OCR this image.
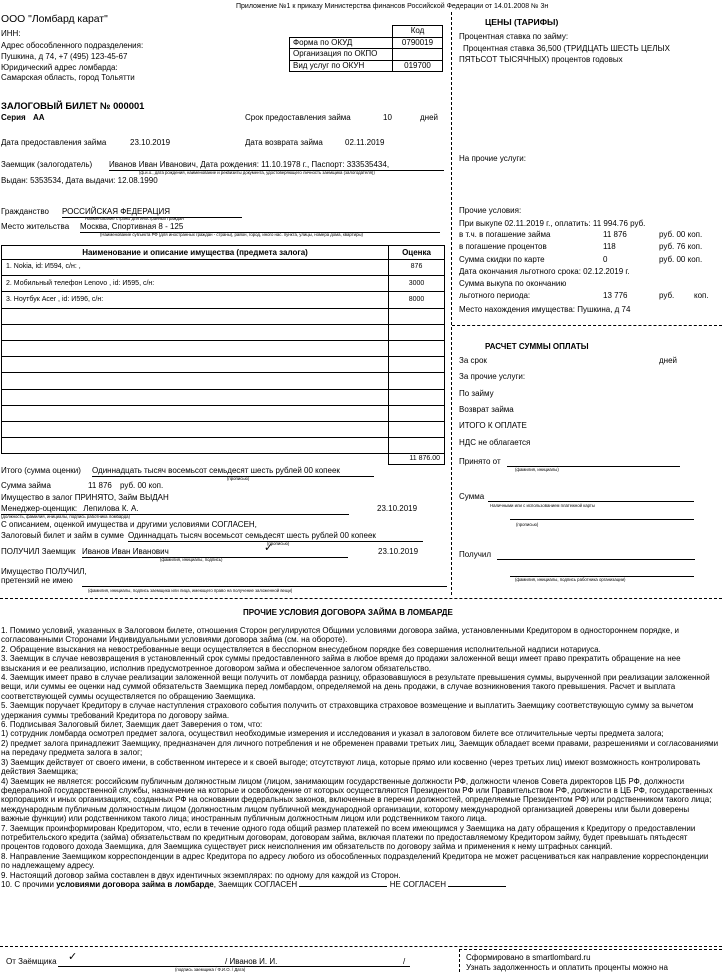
Приложение №1 к приказу Министерства финансов Российской Федерации от 14.01.2008 № 3н
ООО "Ломбард карат"
ИНН:
Адрес обособленного подразделения:
Пушкина, д 74, +7 (495) 123-45-67
Юридический адрес ломбарда:
Самарская область, город Тольятти
	Код
Форма по ОКУД	0790019
Организация по ОКПО	
Вид услуг по ОКУН	019700
ЗАЛОГОВЫЙ БИЛЕТ № 000001
Серия АА	Срок предоставления займа	10	дней
Дата предоставления займа	23.10.2019	Дата возврата займа	02.11.2019
Заемщик (залогодатель) Иванов Иван Иванович, Дата рождения: 11.10.1978 г., Паспорт: 333535434,
(ф.и.о., дата рождения, наименование и реквизиты документа, удостоверяющего личность заемщика (залогодателя))
Выдан: 5353534, Дата выдачи: 12.08.1990
Гражданство РОССИЙСКАЯ ФЕДЕРАЦИЯ
Наименование страны для иностранных граждан
Место жительства Москва, Спортивная 8 - 125
(Наименование субъекта РФ (для иностранных граждан - страны), район, город, иного нас. пункта, улицы, номера дома, квартиры)
Наименование и описание имущества (предмета залога)	Оценка
1. Nokia, id: И594, с/н: ,	876
2. Мобильный телефон Lenovo , id: И595, с/н:	3000
3. Ноутбук Acer , id: И596, с/н:	8000

	11 876.00
Итого (сумма оценки) Одиннадцать тысяч восемьсот семьдесят шесть рублей 00 копеек
(прописью)
Сумма займа	11 876 руб. 00 коп.
Имущество в залог ПРИНЯТО, Займ ВЫДАН
Менеджер-оценщик: Лепилова К. А.	23.10.2019
(должность, фамилия, инициалы, подпись работника ломбарда)
С описанием, оценкой имущества и другими условиями СОГЛАСЕН,
Залоговый билет и займ в сумме Одиннадцать тысяч восемьсот семьдесят шесть рублей 00 копеек
(прописью)
ПОЛУЧИЛ Заемщик Иванов Иван Иванович	✓	23.10.2019
(фамилия, инициалы, подпись)
Имущество ПОЛУЧИЛ,
претензий не имею
(фамилия, инициалы, подпись заемщика или лица, имеющего право на получение заложенной вещи)
ЦЕНЫ (ТАРИФЫ)
Процентная ставка по займу:
Процентная ставка 36,500 (ТРИДЦАТЬ ШЕСТЬ ЦЕЛЫХ
ПЯТЬСОТ ТЫСЯЧНЫХ) процентов годовых
На прочие услуги:
Прочие условия:
При выкупе 02.11.2019 г., оплатить: 11 994.76 руб.
в т.ч. в погашение займа	11 876	руб. 00 коп.
в погашение процентов	118	руб. 76 коп.
Сумма скидки по карте	0	руб. 00 коп.
Дата окончания льготного срока: 02.12.2019 г.
Сумма выкупа по окончанию
льготного периода:	13 776	руб. коп.
Место нахождения имущества: Пушкина, д 74
РАСЧЕТ СУММЫ ОПЛАТЫ
За срок	дней
За прочие услуги:
По займу
Возврат займа
ИТОГО К ОПЛАТЕ
НДС не облагается
Принято от
(фамилия, инициалы)
Сумма
Наличными или с использованием платежной карты
(прописью)
Получил
(фамилия, инициалы, подпись работника организации)
ПРОЧИЕ УСЛОВИЯ ДОГОВОРА ЗАЙМА В ЛОМБАРДЕ

1. Помимо условий, указанных в Залоговом билете, отношения Сторон регулируются Общими условиями договора займа, установленными Кредитором в одностороннем порядке, и согласованными Сторонами Индивидуальными условиями договора займа (см. на обороте).

2. Обращение взыскания на невостребованные вещи осуществляется в бесспорном внесудебном порядке без совершения исполнительной надписи нотариуса.

3. Заемщик в случае невозвращения в установленный срок суммы предоставленного займа в любое время до продажи заложенной вещи имеет право прекратить обращение на нее взыскания и ее реализацию, исполнив предусмотренное договором займа и обеспеченное залогом обязательство.

4. Заемщик имеет право в случае реализации заложенной вещи получить от ломбарда разницу, образовавшуюся в результате превышения суммы, вырученной при реализации заложенной вещи, или суммы ее оценки над суммой обязательств Заемщика перед ломбардом, определяемой на день продажи, в случае возникновения такого превышения. Расчет и выплата соответствующей суммы осуществляется по обращению Заемщика.

5. Заемщик поручает Кредитору в случае наступления страхового события получить от страховщика страховое возмещение и выплатить Заемщику соответствующую сумму за вычетом удержания суммы требований Кредитора по договору займа.

6. Подписывая Залоговый билет, Заемщик дает Заверения о том, что:

1) сотрудник ломбарда осмотрел предмет залога, осуществил необходимые измерения и исследования и указал в залоговом билете все отличительные черты предмета залога;

2) предмет залога принадлежит Заемщику, предназначен для личного потребления и не обременен правами третьих лиц, Заемщик обладает всеми правами, разрешениями и согласованиями на передачу предмета залога в залог;

3) Заемщик действует от своего имени, в собственном интересе и к своей выгоде; отсутствуют лица, которые прямо или косвенно (через третьих лиц) имеют возможность контролировать действия Заемщика;

4) Заемщик не является: российским публичным должностным лицом (лицом, занимающим государственные должности РФ, должности членов Совета директоров ЦБ РФ, должности федеральной государственной службы, назначение на которые и освобождение от которых осуществляются Президентом РФ или Правительством РФ, должности в ЦБ РФ, государственных корпорациях и иных организациях, созданных РФ на основании федеральных законов, включенные в перечни должностей, определяемые Президентом РФ) или родственником такого лица; международным публичным должностным лицом (должностным лицом публичной международной организации, которому международной организацией доверены или были доверены важные функции) или родственником такого лица; иностранным публичным должностным лицом или родственником такого лица.

7. Заемщик проинформирован Кредитором, что, если в течение одного года общий размер платежей по всем имеющимся у Заемщика на дату обращения к Кредитору о предоставлении потребительского кредита (займа) обязательствам по кредитным договорам, договорам займа, включая платежи по предоставляемому Кредитором займу, будет превышать пятьдесят процентов годового дохода Заемщика, для Заемщика существует риск неисполнения им обязательств по договору займа и применения к нему штрафных санкций.

8. Направление Заемщиком корреспонденции в адрес Кредитора по адресу любого из обособленных подразделений Кредитора не может расцениваться как направление корреспонденции по надлежащему адресу.

9. Настоящий договор займа составлен в двух идентичных экземплярах: по одному для каждой из Сторон.

10. С прочими условиями договора займа в ломбарде, Заемщик СОГЛАСЕН	НЕ СОГЛАСЕН

От Заёмщика ✓	/ Иванов И. И.	/
(подпись заемщика / Ф.И.О. / Дата)
Сформировано в smartlombard.ru
Узнать задолженность и оплатить проценты можно на
